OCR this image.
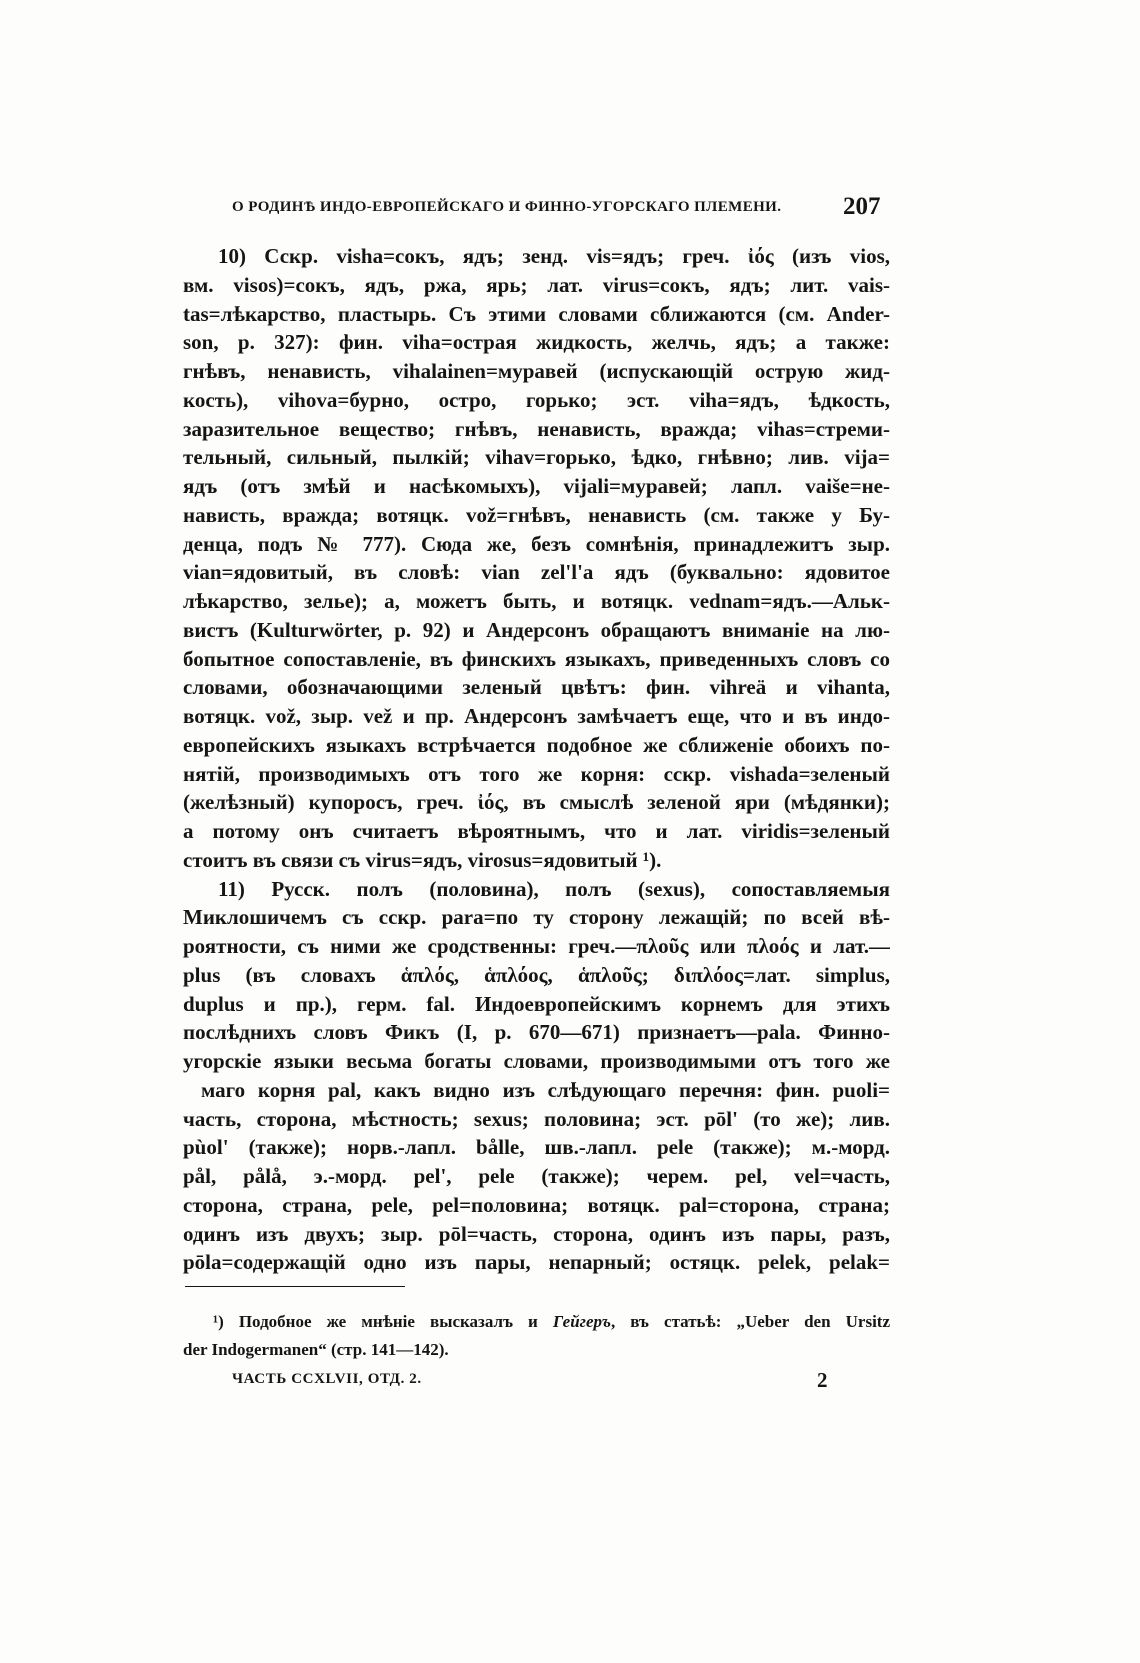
О РОДИНѢ ИНДО-ЕВРОПЕЙСКАГО И ФИННО-УГОРСКАГО ПЛЕМЕНИ. 207
10) Сскр. visha=сокъ, ядъ; зенд. vis=ядъ; греч. ἰός (изъ vios,
вм. visos)=сокъ, ядъ, ржа, ярь; лат. virus=сокъ, ядъ; лит. vais-
tas=лѣкарство, пластырь. Съ этими словами сближаются (см. Ander-
son, p. 327): фин. viha=острая жидкость, желчь, ядъ; а также:
гнѣвъ, ненависть, vihalainen=муравей (испускающій острую жид-
кость), vihova=бурно, остро, горько; эст. viha=ядъ, ѣдкость,
заразительное вещество; гнѣвъ, ненависть, вражда; vihas=стреми-
тельный, сильный, пылкій; vihav=горько, ѣдко, гнѣвно; лив. vija=
ядъ (отъ змѣй и насѣкомыхъ), vijali=муравей; лапл. vaiše=не-
нависть, вражда; вотяцк. vož=гнѣвъ, ненависть (см. также у Бу-
денца, подъ № 777). Сюда же, безъ сомнѣнія, принадлежитъ зыр.
vian=ядовитый, въ словѣ: vian zel'l'a ядъ (буквально: ядовитое
лѣкарство, зелье); а, можетъ быть, и вотяцк. vednam=ядъ.—Альк-
вистъ (Kulturwörter, p. 92) и Андерсонъ обращаютъ вниманіе на лю-
бопытное сопоставленіе, въ финскихъ языкахъ, приведенныхъ словъ со
словами, обозначающими зеленый цвѣтъ: фин. vihreä и vihanta,
вотяцк. vož, зыр. vež и пр. Андерсонъ замѣчаетъ еще, что и въ индо-
европейскихъ языкахъ встрѣчается подобное же сближеніе обоихъ по-
нятій, производимыхъ отъ того же корня: сскр. vishada=зеленый
(желѣзный) купоросъ, греч. ἰός, въ смыслѣ зеленой яри (мѣдянки);
а потому онъ считаетъ вѣроятнымъ, что и лат. viridis=зеленый
стоитъ въ связи съ virus=ядъ, virosus=ядовитый ¹).
11) Русск. полъ (половина), полъ (sexus), сопоставляемыя
Миклошичемъ съ сскр. para=по ту сторону лежащій; по всей вѣ-
роятности, съ ними же сродственны: греч.—πλοῦς или πλοός и лат.—
plus (въ словахъ ἁπλός, ἁπλόος, ἁπλοῦς; διπλόος=лат. simplus,
duplus и пр.), герм. fal. Индоевропейскимъ корнемъ для этихъ
послѣднихъ словъ Фикъ (I, p. 670—671) признаетъ—pala. Финно-
угорскіе языки весьма богаты словами, производимыми отъ того же
маго корня pal, какъ видно изъ слѣдующаго перечня: фин. puoli=
часть, сторона, мѣстность; sexus; половина; эст. pōl' (то же); лив.
pùol' (также); норв.-лапл. bålle, шв.-лапл. pele (также); м.-морд.
pål, pålå, э.-морд. pel', pele (также); черем. pel, vel=часть,
сторона, страна, pele, pel=половина; вотяцк. pal=сторона, страна;
одинъ изъ двухъ; зыр. pōl=часть, сторона, одинъ изъ пары, разъ,
pōla=содержащій одно изъ пары, непарный; остяцк. pelek, pelak=
¹) Подобное же мнѣніе высказалъ и Гейгеръ, въ статьѣ: „Ueber den Ursitz
der Indogermanen“ (стр. 141—142).
ЧАСТЬ CCXLVII, ОТД. 2.	2
